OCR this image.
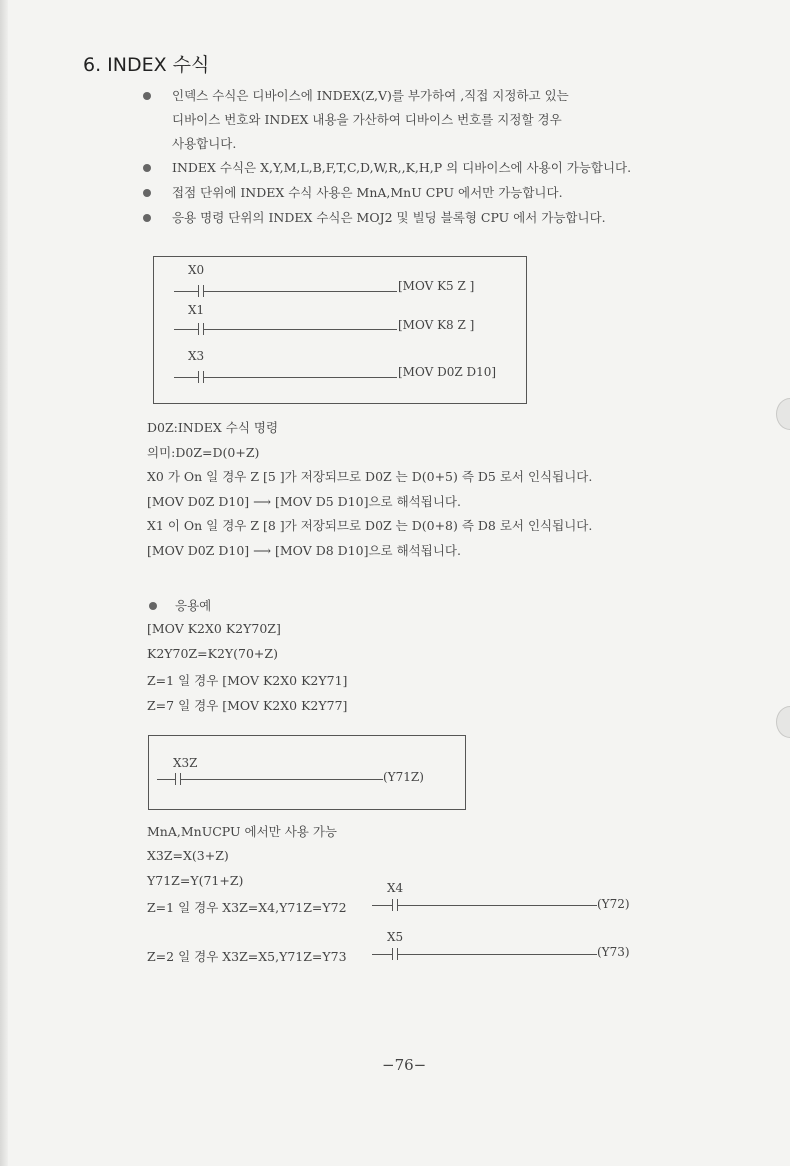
6. INDEX 수식
인덱스 수식은 디바이스에 INDEX(Z,V)를 부가하여 ,직접 지정하고 있는
디바이스 번호와 INDEX 내용을 가산하여 디바이스 번호를 지정할 경우
사용합니다.
INDEX 수식은 X,Y,M,L,B,F,T,C,D,W,R,,K,H,P 의 디바이스에 사용이 가능합니다.
접점 단위에 INDEX 수식 사용은 MnA,MnU CPU 에서만 가능합니다.
응용 명령 단위의 INDEX 수식은 MOJ2 및 빌딩 블록형 CPU 에서 가능합니다.
X0
[MOV K5 Z ]
X1
[MOV K8 Z ]
X3
[MOV D0Z D10]
D0Z:INDEX 수식 명령
의미:D0Z=D(0+Z)
X0 가 On 일 경우 Z [5 ]가 저장되므로 D0Z 는 D(0+5) 즉 D5 로서 인식됩니다.
[MOV D0Z D10] ⟶ [MOV D5 D10]으로 해석됩니다.
X1 이 On 일 경우 Z [8 ]가 저장되므로 D0Z 는 D(0+8) 즉 D8 로서 인식됩니다.
[MOV D0Z D10] ⟶ [MOV D8 D10]으로 해석됩니다.
응용예
[MOV K2X0 K2Y70Z]
K2Y70Z=K2Y(70+Z)
Z=1 일 경우 [MOV K2X0 K2Y71]
Z=7 일 경우 [MOV K2X0 K2Y77]
X3Z
(Y71Z)
MnA,MnUCPU 에서만 사용 가능
X3Z=X(3+Z)
Y71Z=Y(71+Z)
Z=1 일 경우 X3Z=X4,Y71Z=Y72
X4
(Y72)
Z=2 일 경우 X3Z=X5,Y71Z=Y73
X5
(Y73)
−76−
